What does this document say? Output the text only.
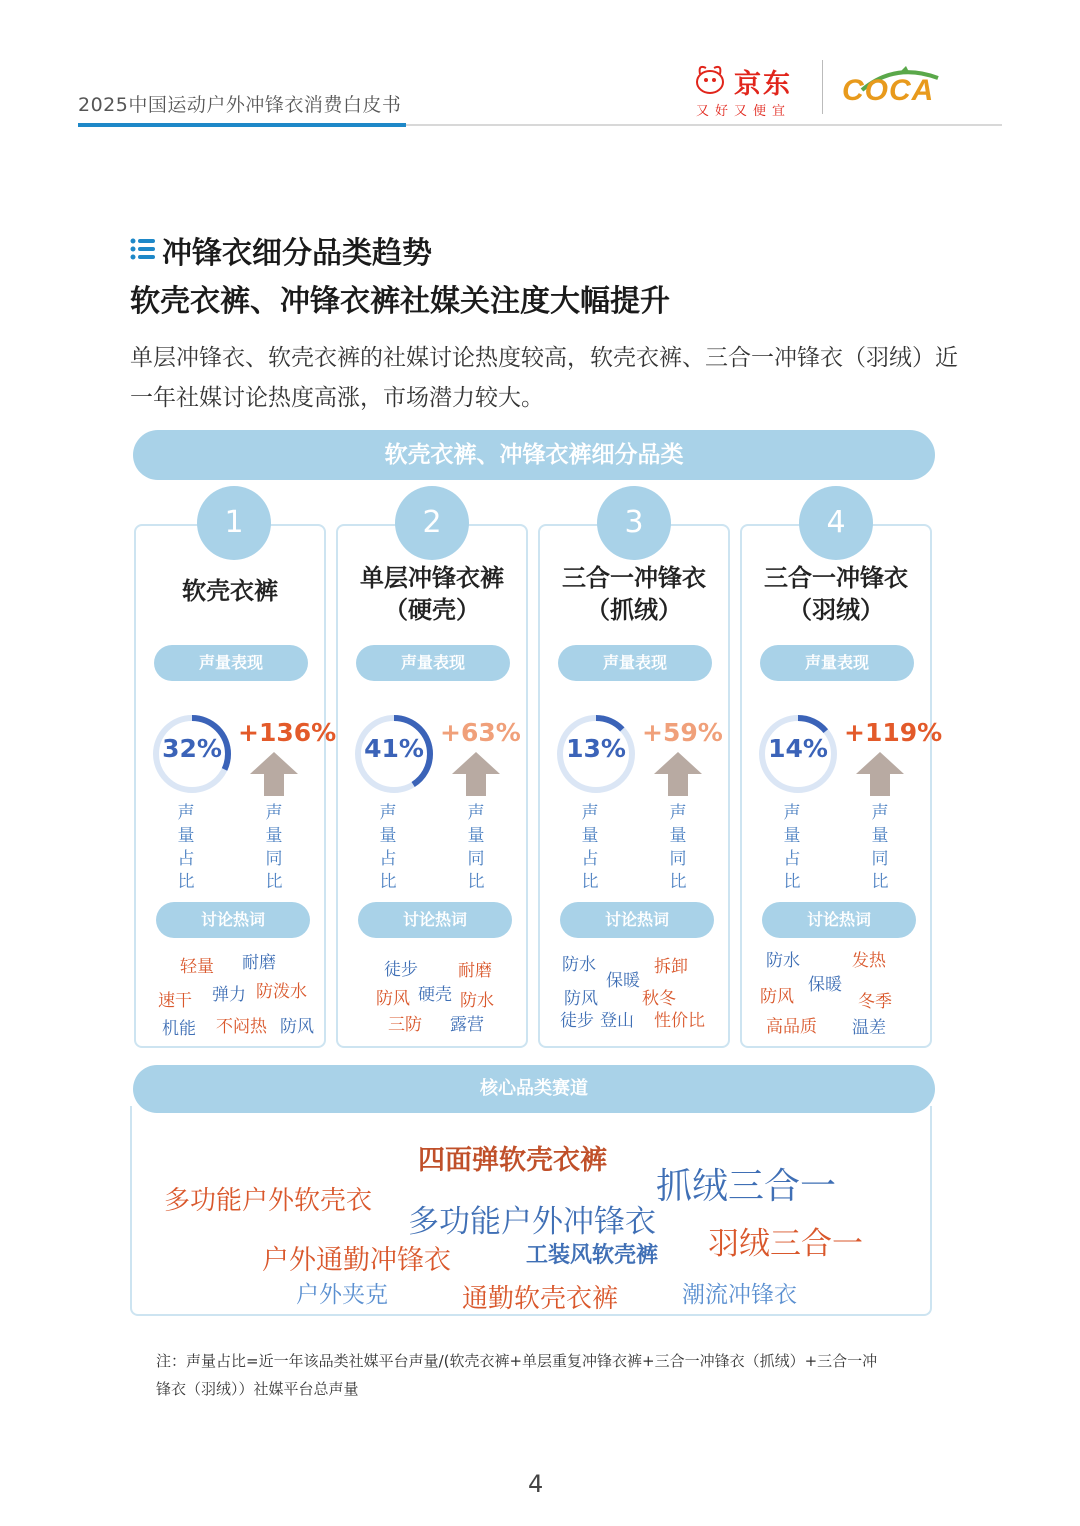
2025中国运动户外冲锋衣消费白皮书
京东
又好又便宜
COCA
冲锋衣细分品类趋势
软壳衣裤、冲锋衣裤社媒关注度大幅提升
单层冲锋衣、软壳衣裤的社媒讨论热度较高，软壳衣裤、三合一冲锋衣（羽绒）近一年社媒讨论热度高涨，市场潜力较大。
软壳衣裤、冲锋衣裤细分品类
1
软壳衣裤
声量表现
32%
+136%
声
量
占
比
声
量
同
比
讨论热词
轻量 耐磨
速干 弹力 防泼水
机能 不闷热 防风
2
单层冲锋衣裤
（硬壳）
声量表现
41%
+63%
声
量
占
比
声
量
同
比
讨论热词
徒步 耐磨
防风 硬壳 防水
三防 露营
3
三合一冲锋衣
（抓绒）
声量表现
13%
+59%
声
量
占
比
声
量
同
比
讨论热词
防水
保暖
拆卸
防风	秋冬
徒步 登山 性价比
4
三合一冲锋衣
（羽绒）
声量表现
14%
+119%
声
量
占
比
声
量
同
比
讨论热词
防水	发热
保暖
防风	冬季
高品质 温差
核心品类赛道
四面弹软壳衣裤
多功能户外软壳衣	抓绒三合一
多功能户外冲锋衣
羽绒三合一
户外通勤冲锋衣	工装风软壳裤
户外夹克	通勤软壳衣裤	潮流冲锋衣
注：声量占比=近一年该品类社媒平台声量/(软壳衣裤+单层重复冲锋衣裤+三合一冲锋衣（抓绒）+三合一冲
锋衣（羽绒））社媒平台总声量
4
